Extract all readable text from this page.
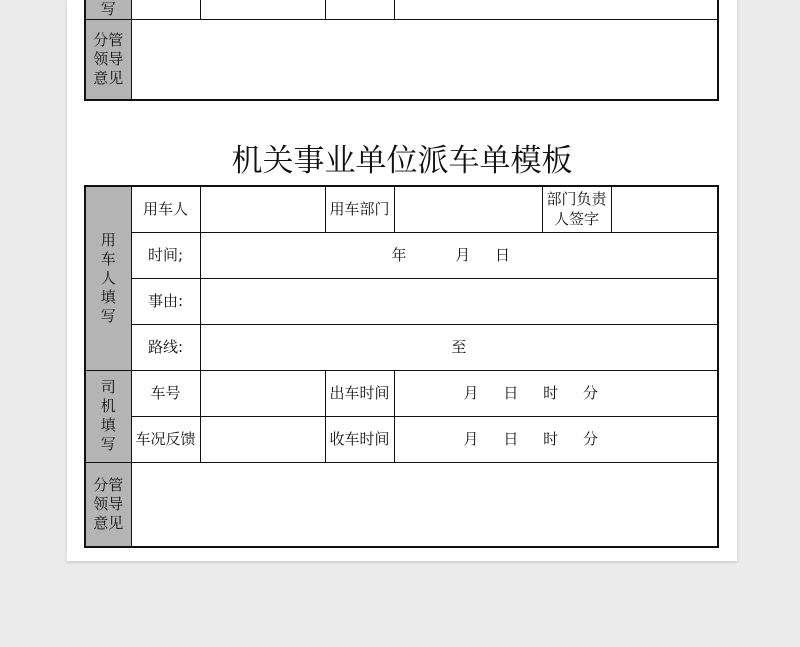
写				

分管
领导
意见				

机关事业单位派车单模板
用
车
人
填
写	用车人		用车部门		部门负责
人签字	

	时间;	年 月 日				
	事由:					
	路线:	至				

司
机
填
写	车号		出车时间	月 日 时 分		
	车况反馈		收车时间	月 日 时 分		

分管
领导
意见						
